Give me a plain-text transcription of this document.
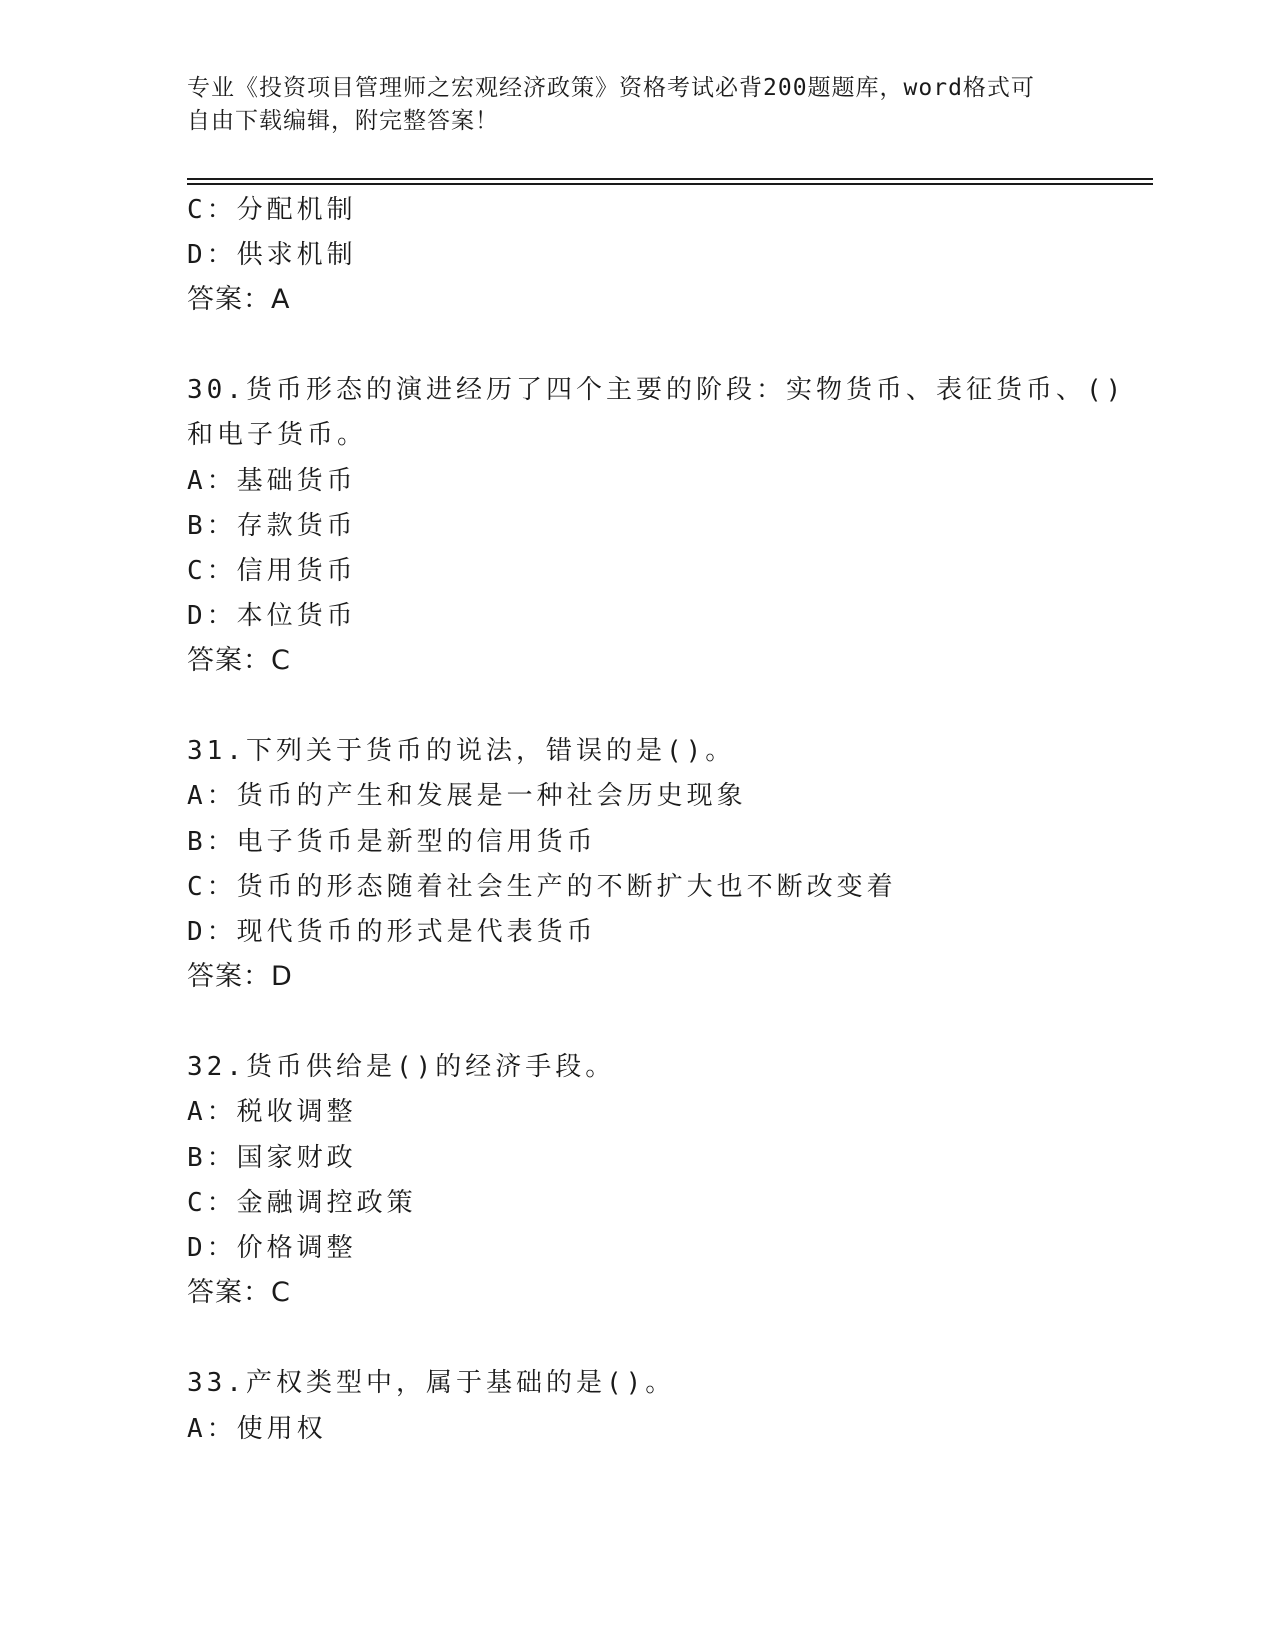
专业《投资项目管理师之宏观经济政策》资格考试必背200题题库，word格式可
自由下载编辑，附完整答案！
C：分配机制
D：供求机制
答案：A
30.货币形态的演进经历了四个主要的阶段：实物货币、表征货币、()
和电子货币。
A：基础货币
B：存款货币
C：信用货币
D：本位货币
答案：C
31.下列关于货币的说法，错误的是()。
A：货币的产生和发展是一种社会历史现象
B：电子货币是新型的信用货币
C：货币的形态随着社会生产的不断扩大也不断改变着
D：现代货币的形式是代表货币
答案：D
32.货币供给是()的经济手段。
A：税收调整
B：国家财政
C：金融调控政策
D：价格调整
答案：C
33.产权类型中，属于基础的是()。
A：使用权
